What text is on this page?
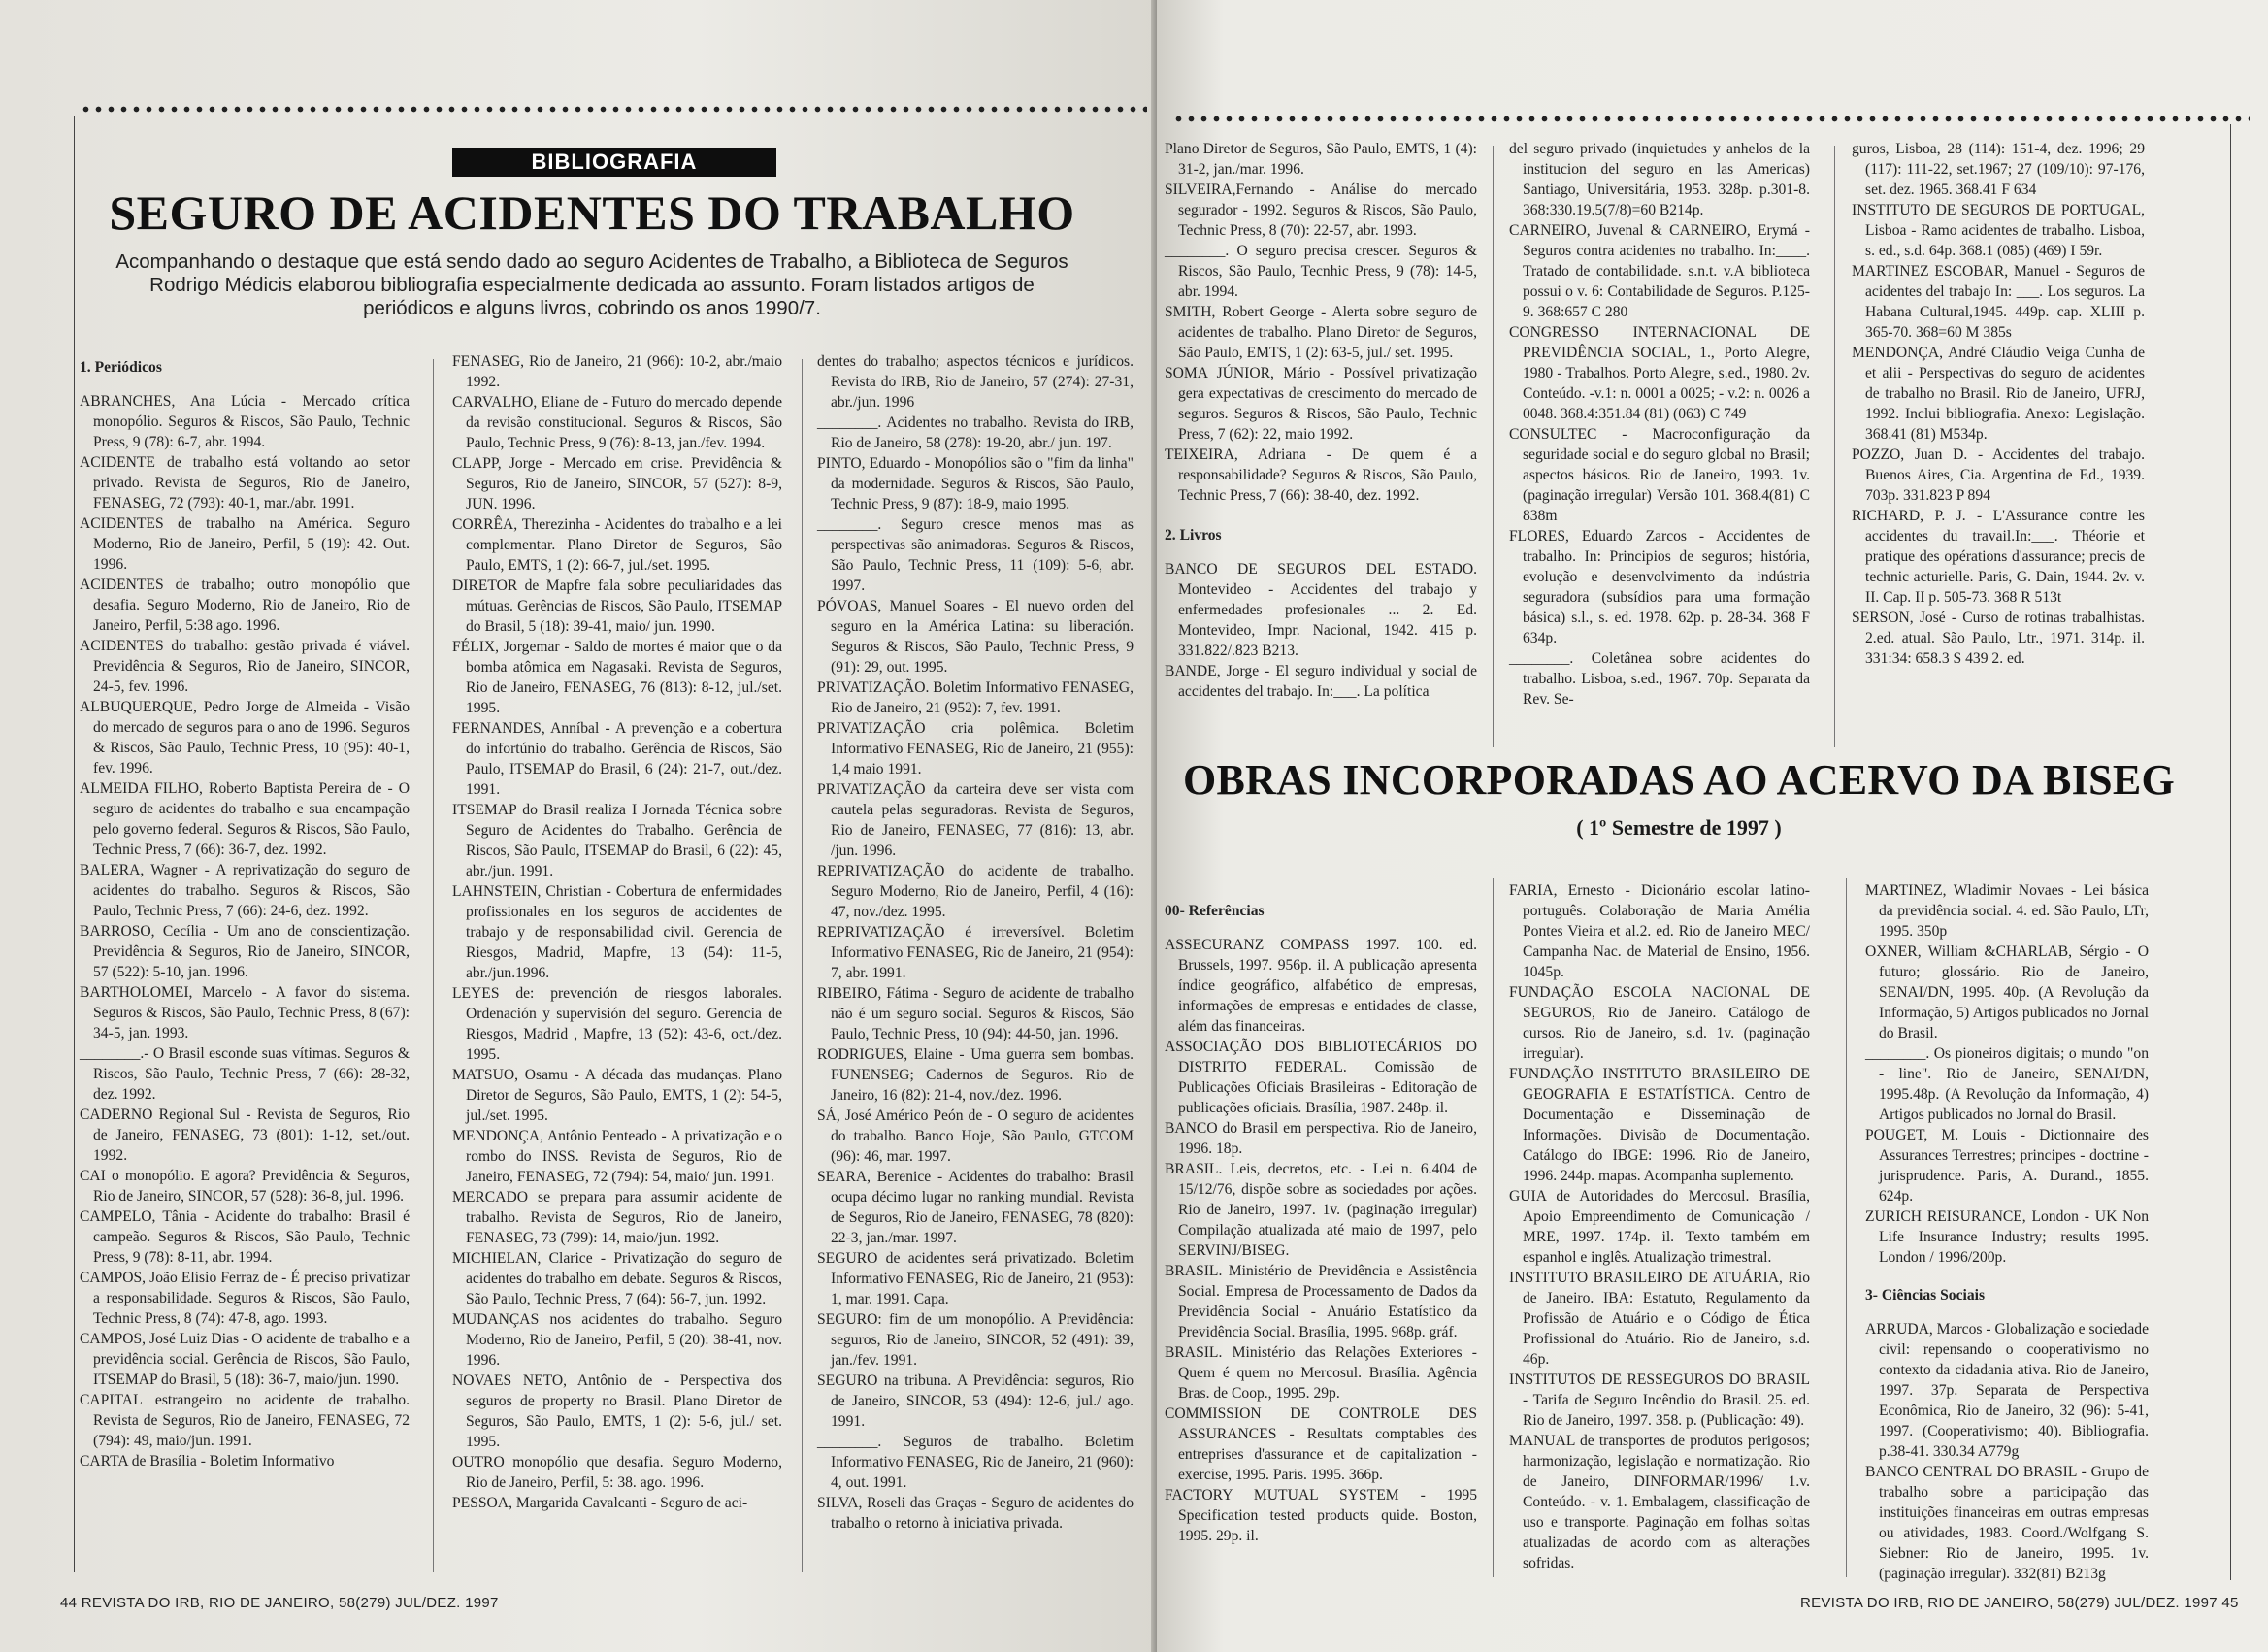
BIBLIOGRAFIA
SEGURO DE ACIDENTES DO TRABALHO
Acompanhando o destaque que está sendo dado ao seguro Acidentes de Trabalho, a Biblioteca de Seguros Rodrigo Médicis elaborou bibliografia especialmente dedicada ao assunto. Foram listados artigos de periódicos e alguns livros, cobrindo os anos 1990/7.

1. Periódicos

ABRANCHES, Ana Lúcia - Mercado crítica monopólio. Seguros & Riscos, São Paulo, Technic Press, 9 (78): 6-7, abr. 1994.

ACIDENTE de trabalho está voltando ao setor privado. Revista de Seguros, Rio de Janeiro, FENASEG, 72 (793): 40-1, mar./abr. 1991.

ACIDENTES de trabalho na América. Seguro Moderno, Rio de Janeiro, Perfil, 5 (19): 42. Out. 1996.

ACIDENTES de trabalho; outro monopólio que desafia. Seguro Moderno, Rio de Janeiro, Rio de Janeiro, Perfil, 5:38 ago. 1996.

ACIDENTES do trabalho: gestão privada é viável. Previdência & Seguros, Rio de Janeiro, SINCOR, 24-5, fev. 1996.

ALBUQUERQUE, Pedro Jorge de Almeida - Visão do mercado de seguros para o ano de 1996. Seguros & Riscos, São Paulo, Technic Press, 10 (95): 40-1, fev. 1996.

ALMEIDA FILHO, Roberto Baptista Pereira de - O seguro de acidentes do trabalho e sua encampação pelo governo federal. Seguros & Riscos, São Paulo, Technic Press, 7 (66): 36-7, dez. 1992.

BALERA, Wagner - A reprivatização do seguro de acidentes do trabalho. Seguros & Riscos, São Paulo, Technic Press, 7 (66): 24-6, dez. 1992.

BARROSO, Cecília - Um ano de conscientização. Previdência & Seguros, Rio de Janeiro, SINCOR, 57 (522): 5-10, jan. 1996.

BARTHOLOMEI, Marcelo - A favor do sistema. Seguros & Riscos, São Paulo, Technic Press, 8 (67): 34-5, jan. 1993.

________.- O Brasil esconde suas vítimas. Seguros & Riscos, São Paulo, Technic Press, 7 (66): 28-32, dez. 1992.

CADERNO Regional Sul - Revista de Seguros, Rio de Janeiro, FENASEG, 73 (801): 1-12, set./out. 1992.

CAI o monopólio. E agora? Previdência & Seguros, Rio de Janeiro, SINCOR, 57 (528): 36-8, jul. 1996.

CAMPELO, Tânia - Acidente do trabalho: Brasil é campeão. Seguros & Riscos, São Paulo, Technic Press, 9 (78): 8-11, abr. 1994.

CAMPOS, João Elísio Ferraz de - É preciso privatizar a responsabilidade. Seguros & Riscos, São Paulo, Technic Press, 8 (74): 47-8, ago. 1993.

CAMPOS, José Luiz Dias - O acidente de trabalho e a previdência social. Gerência de Riscos, São Paulo, ITSEMAP do Brasil, 5 (18): 36-7, maio/jun. 1990.

CAPITAL estrangeiro no acidente de trabalho. Revista de Seguros, Rio de Janeiro, FENASEG, 72 (794): 49, maio/jun. 1991.

CARTA de Brasília - Boletim Informativo

FENASEG, Rio de Janeiro, 21 (966): 10-2, abr./maio 1992.

CARVALHO, Eliane de - Futuro do mercado depende da revisão constitucional. Seguros & Riscos, São Paulo, Technic Press, 9 (76): 8-13, jan./fev. 1994.

CLAPP, Jorge - Mercado em crise. Previdência & Seguros, Rio de Janeiro, SINCOR, 57 (527): 8-9, JUN. 1996.

CORRÊA, Therezinha - Acidentes do trabalho e a lei complementar. Plano Diretor de Seguros, São Paulo, EMTS, 1 (2): 66-7, jul./set. 1995.

DIRETOR de Mapfre fala sobre peculiaridades das mútuas. Gerências de Riscos, São Paulo, ITSEMAP do Brasil, 5 (18): 39-41, maio/ jun. 1990.

FÉLIX, Jorgemar - Saldo de mortes é maior que o da bomba atômica em Nagasaki. Revista de Seguros, Rio de Janeiro, FENASEG, 76 (813): 8-12, jul./set. 1995.

FERNANDES, Anníbal - A prevenção e a cobertura do infortúnio do trabalho. Gerência de Riscos, São Paulo, ITSEMAP do Brasil, 6 (24): 21-7, out./dez. 1991.

ITSEMAP do Brasil realiza I Jornada Técnica sobre Seguro de Acidentes do Trabalho. Gerência de Riscos, São Paulo, ITSEMAP do Brasil, 6 (22): 45, abr./jun. 1991.

LAHNSTEIN, Christian - Cobertura de enfermidades profissionales en los seguros de accidentes de trabajo y de responsabilidad civil. Gerencia de Riesgos, Madrid, Mapfre, 13 (54): 11-5, abr./jun.1996.

LEYES de: prevención de riesgos laborales. Ordenación y supervisión del seguro. Gerencia de Riesgos, Madrid , Mapfre, 13 (52): 43-6, oct./dez. 1995.

MATSUO, Osamu - A década das mudanças. Plano Diretor de Seguros, São Paulo, EMTS, 1 (2): 54-5, jul./set. 1995.

MENDONÇA, Antônio Penteado - A privatização e o rombo do INSS. Revista de Seguros, Rio de Janeiro, FENASEG, 72 (794): 54, maio/ jun. 1991.

MERCADO se prepara para assumir acidente de trabalho. Revista de Seguros, Rio de Janeiro, FENASEG, 73 (799): 14, maio/jun. 1992.

MICHIELAN, Clarice - Privatização do seguro de acidentes do trabalho em debate. Seguros & Riscos, São Paulo, Technic Press, 7 (64): 56-7, jun. 1992.

MUDANÇAS nos acidentes do trabalho. Seguro Moderno, Rio de Janeiro, Perfil, 5 (20): 38-41, nov. 1996.

NOVAES NETO, Antônio de - Perspectiva dos seguros de property no Brasil. Plano Diretor de Seguros, São Paulo, EMTS, 1 (2): 5-6, jul./ set. 1995.

OUTRO monopólio que desafia. Seguro Moderno, Rio de Janeiro, Perfil, 5: 38. ago. 1996.

PESSOA, Margarida Cavalcanti - Seguro de aci-

dentes do trabalho; aspectos técnicos e jurídicos. Revista do IRB, Rio de Janeiro, 57 (274): 27-31, abr./jun. 1996

________. Acidentes no trabalho. Revista do IRB, Rio de Janeiro, 58 (278): 19-20, abr./ jun. 197.

PINTO, Eduardo - Monopólios são o "fim da linha" da modernidade. Seguros & Riscos, São Paulo, Technic Press, 9 (87): 18-9, maio 1995.

________. Seguro cresce menos mas as perspectivas são animadoras. Seguros & Riscos, São Paulo, Technic Press, 11 (109): 5-6, abr. 1997.

PÓVOAS, Manuel Soares - El nuevo orden del seguro en la América Latina: su liberación. Seguros & Riscos, São Paulo, Technic Press, 9 (91): 29, out. 1995.

PRIVATIZAÇÃO. Boletim Informativo FENASEG, Rio de Janeiro, 21 (952): 7, fev. 1991.

PRIVATIZAÇÃO cria polêmica. Boletim Informativo FENASEG, Rio de Janeiro, 21 (955): 1,4 maio 1991.

PRIVATIZAÇÃO da carteira deve ser vista com cautela pelas seguradoras. Revista de Seguros, Rio de Janeiro, FENASEG, 77 (816): 13, abr. /jun. 1996.

REPRIVATIZAÇÃO do acidente de trabalho. Seguro Moderno, Rio de Janeiro, Perfil, 4 (16): 47, nov./dez. 1995.

REPRIVATIZAÇÃO é irreversível. Boletim Informativo FENASEG, Rio de Janeiro, 21 (954): 7, abr. 1991.

RIBEIRO, Fátima - Seguro de acidente de trabalho não é um seguro social. Seguros & Riscos, São Paulo, Technic Press, 10 (94): 44-50, jan. 1996.

RODRIGUES, Elaine - Uma guerra sem bombas. FUNENSEG; Cadernos de Seguros. Rio de Janeiro, 16 (82): 21-4, nov./dez. 1996.

SÁ, José Américo Peón de - O seguro de acidentes do trabalho. Banco Hoje, São Paulo, GTCOM (96): 46, mar. 1997.

SEARA, Berenice - Acidentes do trabalho: Brasil ocupa décimo lugar no ranking mundial. Revista de Seguros, Rio de Janeiro, FENASEG, 78 (820): 22-3, jan./mar. 1997.

SEGURO de acidentes será privatizado. Boletim Informativo FENASEG, Rio de Janeiro, 21 (953): 1, mar. 1991. Capa.

SEGURO: fim de um monopólio. A Previdência: seguros, Rio de Janeiro, SINCOR, 52 (491): 39, jan./fev. 1991.

SEGURO na tribuna. A Previdência: seguros, Rio de Janeiro, SINCOR, 53 (494): 12-6, jul./ ago. 1991.

________. Seguros de trabalho. Boletim Informativo FENASEG, Rio de Janeiro, 21 (960): 4, out. 1991.

SILVA, Roseli das Graças - Seguro de acidentes do trabalho o retorno à iniciativa privada.

44 REVISTA DO IRB, RIO DE JANEIRO, 58(279) JUL/DEZ. 1997

Plano Diretor de Seguros, São Paulo, EMTS, 1 (4): 31-2, jan./mar. 1996.

SILVEIRA,Fernando - Análise do mercado segurador - 1992. Seguros & Riscos, São Paulo, Technic Press, 8 (70): 22-57, abr. 1993.

________. O seguro precisa crescer. Seguros & Riscos, São Paulo, Tecnhic Press, 9 (78): 14-5, abr. 1994.

SMITH, Robert George - Alerta sobre seguro de acidentes de trabalho. Plano Diretor de Seguros, São Paulo, EMTS, 1 (2): 63-5, jul./ set. 1995.

SOMA JÚNIOR, Mário - Possível privatização gera expectativas de crescimento do mercado de seguros. Seguros & Riscos, São Paulo, Technic Press, 7 (62): 22, maio 1992.

TEIXEIRA, Adriana - De quem é a responsabilidade? Seguros & Riscos, São Paulo, Technic Press, 7 (66): 38-40, dez. 1992.

2. Livros

BANCO DE SEGUROS DEL ESTADO. Montevideo - Accidentes del trabajo y enfermedades profesionales ... 2. Ed. Montevideo, Impr. Nacional, 1942. 415 p. 331.822/.823 B213.

BANDE, Jorge - El seguro individual y social de accidentes del trabajo. In:___. La política

del seguro privado (inquietudes y anhelos de la institucion del seguro en las Americas) Santiago, Universitária, 1953. 328p. p.301-8. 368:330.19.5(7/8)=60 B214p.

CARNEIRO, Juvenal & CARNEIRO, Erymá - Seguros contra acidentes no trabalho. In:____. Tratado de contabilidade. s.n.t. v.A biblioteca possui o v. 6: Contabilidade de Seguros. P.125-9. 368:657 C 280

CONGRESSO INTERNACIONAL DE PREVIDÊNCIA SOCIAL, 1., Porto Alegre, 1980 - Trabalhos. Porto Alegre, s.ed., 1980. 2v. Conteúdo. -v.1: n. 0001 a 0025; - v.2: n. 0026 a 0048. 368.4:351.84 (81) (063) C 749

CONSULTEC - Macroconfiguração da seguridade social e do seguro global no Brasil; aspectos básicos. Rio de Janeiro, 1993. 1v. (paginação irregular) Versão 101. 368.4(81) C 838m

FLORES, Eduardo Zarcos - Accidentes de trabalho. In: Principios de seguros; história, evolução e desenvolvimento da indústria seguradora (subsídios para uma formação básica) s.l., s. ed. 1978. 62p. p. 28-34. 368 F 634p.

________. Coletânea sobre acidentes do trabalho. Lisboa, s.ed., 1967. 70p. Separata da Rev. Se-

guros, Lisboa, 28 (114): 151-4, dez. 1996; 29 (117): 111-22, set.1967; 27 (109/10): 97-176, set. dez. 1965. 368.41 F 634

INSTITUTO DE SEGUROS DE PORTUGAL, Lisboa - Ramo acidentes de trabalho. Lisboa, s. ed., s.d. 64p. 368.1 (085) (469) I 59r.

MARTINEZ ESCOBAR, Manuel - Seguros de acidentes del trabajo In: ___. Los seguros. La Habana Cultural,1945. 449p. cap. XLIII p. 365-70. 368=60 M 385s

MENDONÇA, André Cláudio Veiga Cunha de et alii - Perspectivas do seguro de acidentes de trabalho no Brasil. Rio de Janeiro, UFRJ, 1992. Inclui bibliografia. Anexo: Legislação. 368.41 (81) M534p.

POZZO, Juan D. - Accidentes del trabajo. Buenos Aires, Cia. Argentina de Ed., 1939. 703p. 331.823 P 894

RICHARD, P. J. - L'Assurance contre les accidentes du travail.In:___. Théorie et pratique des opérations d'assurance; precis de technic acturielle. Paris, G. Dain, 1944. 2v. v. II. Cap. II p. 505-73. 368 R 513t

SERSON, José - Curso de rotinas trabalhistas. 2.ed. atual. São Paulo, Ltr., 1971. 314p. il. 331:34: 658.3 S 439 2. ed.

OBRAS INCORPORADAS AO ACERVO DA BISEG
( 1º Semestre de 1997 )

00- Referências

ASSECURANZ COMPASS 1997. 100. ed. Brussels, 1997. 956p. il. A publicação apresenta índice geográfico, alfabético de empresas, informações de empresas e entidades de classe, além das financeiras.

ASSOCIAÇÃO DOS BIBLIOTECÁRIOS DO DISTRITO FEDERAL. Comissão de Publicações Oficiais Brasileiras - Editoração de publicações oficiais. Brasília, 1987. 248p. il.

BANCO do Brasil em perspectiva. Rio de Janeiro, 1996. 18p.

BRASIL. Leis, decretos, etc. - Lei n. 6.404 de 15/12/76, dispõe sobre as sociedades por ações. Rio de Janeiro, 1997. 1v. (paginação irregular) Compilação atualizada até maio de 1997, pelo SERVINJ/BISEG.

BRASIL. Ministério de Previdência e Assistência Social. Empresa de Processamento de Dados da Previdência Social - Anuário Estatístico da Previdência Social. Brasília, 1995. 968p. gráf.

BRASIL. Ministério das Relações Exteriores - Quem é quem no Mercosul. Brasília. Agência Bras. de Coop., 1995. 29p.

COMMISSION DE CONTROLE DES ASSURANCES - Resultats comptables des entreprises d'assurance et de capitalization - exercise, 1995. Paris. 1995. 366p.

FACTORY MUTUAL SYSTEM - 1995 Specification tested products quide. Boston, 1995. 29p. il.

FARIA, Ernesto - Dicionário escolar latino-português. Colaboração de Maria Amélia Pontes Vieira et al.2. ed. Rio de Janeiro MEC/ Campanha Nac. de Material de Ensino, 1956. 1045p.

FUNDAÇÃO ESCOLA NACIONAL DE SEGUROS, Rio de Janeiro. Catálogo de cursos. Rio de Janeiro, s.d. 1v. (paginação irregular).

FUNDAÇÃO INSTITUTO BRASILEIRO DE GEOGRAFIA E ESTATÍSTICA. Centro de Documentação e Disseminação de Informações. Divisão de Documentação. Catálogo do IBGE: 1996. Rio de Janeiro, 1996. 244p. mapas. Acompanha suplemento.

GUIA de Autoridades do Mercosul. Brasília, Apoio Empreendimento de Comunicação / MRE, 1997. 174p. il. Texto também em espanhol e inglês. Atualização trimestral.

INSTITUTO BRASILEIRO DE ATUÁRIA, Rio de Janeiro. IBA: Estatuto, Regulamento da Profissão de Atuário e o Código de Ética Profissional do Atuário. Rio de Janeiro, s.d. 46p.

INSTITUTOS DE RESSEGUROS DO BRASIL - Tarifa de Seguro Incêndio do Brasil. 25. ed. Rio de Janeiro, 1997. 358. p. (Publicação: 49).

MANUAL de transportes de produtos perigosos; harmonização, legislação e normatização. Rio de Janeiro, DINFORMAR/1996/ 1.v. Conteúdo. - v. 1. Embalagem, classificação de uso e transporte. Paginação em folhas soltas atualizadas de acordo com as alterações sofridas.

MARTINEZ, Wladimir Novaes - Lei básica da previdência social. 4. ed. São Paulo, LTr, 1995. 350p

OXNER, William &CHARLAB, Sérgio - O futuro; glossário. Rio de Janeiro, SENAI/DN, 1995. 40p. (A Revolução da Informação, 5) Artigos publicados no Jornal do Brasil.

________. Os pioneiros digitais; o mundo "on - line". Rio de Janeiro, SENAI/DN, 1995.48p. (A Revolução da Informação, 4) Artigos publicados no Jornal do Brasil.

POUGET, M. Louis - Dictionnaire des Assurances Terrestres; principes - doctrine - jurisprudence. Paris, A. Durand., 1855. 624p.

ZURICH REISURANCE, London - UK Non Life Insurance Industry; results 1995. London / 1996/200p.

3- Ciências Sociais

ARRUDA, Marcos - Globalização e sociedade civil: repensando o cooperativismo no contexto da cidadania ativa. Rio de Janeiro, 1997. 37p. Separata de Perspectiva Econômica, Rio de Janeiro, 32 (96): 5-41, 1997. (Cooperativismo; 40). Bibliografia. p.38-41. 330.34 A779g

BANCO CENTRAL DO BRASIL - Grupo de trabalho sobre a participação das instituições financeiras em outras empresas ou atividades, 1983. Coord./Wolfgang S. Siebner: Rio de Janeiro, 1995. 1v. (paginação irregular). 332(81) B213g

REVISTA DO IRB, RIO DE JANEIRO, 58(279) JUL/DEZ. 1997 45
